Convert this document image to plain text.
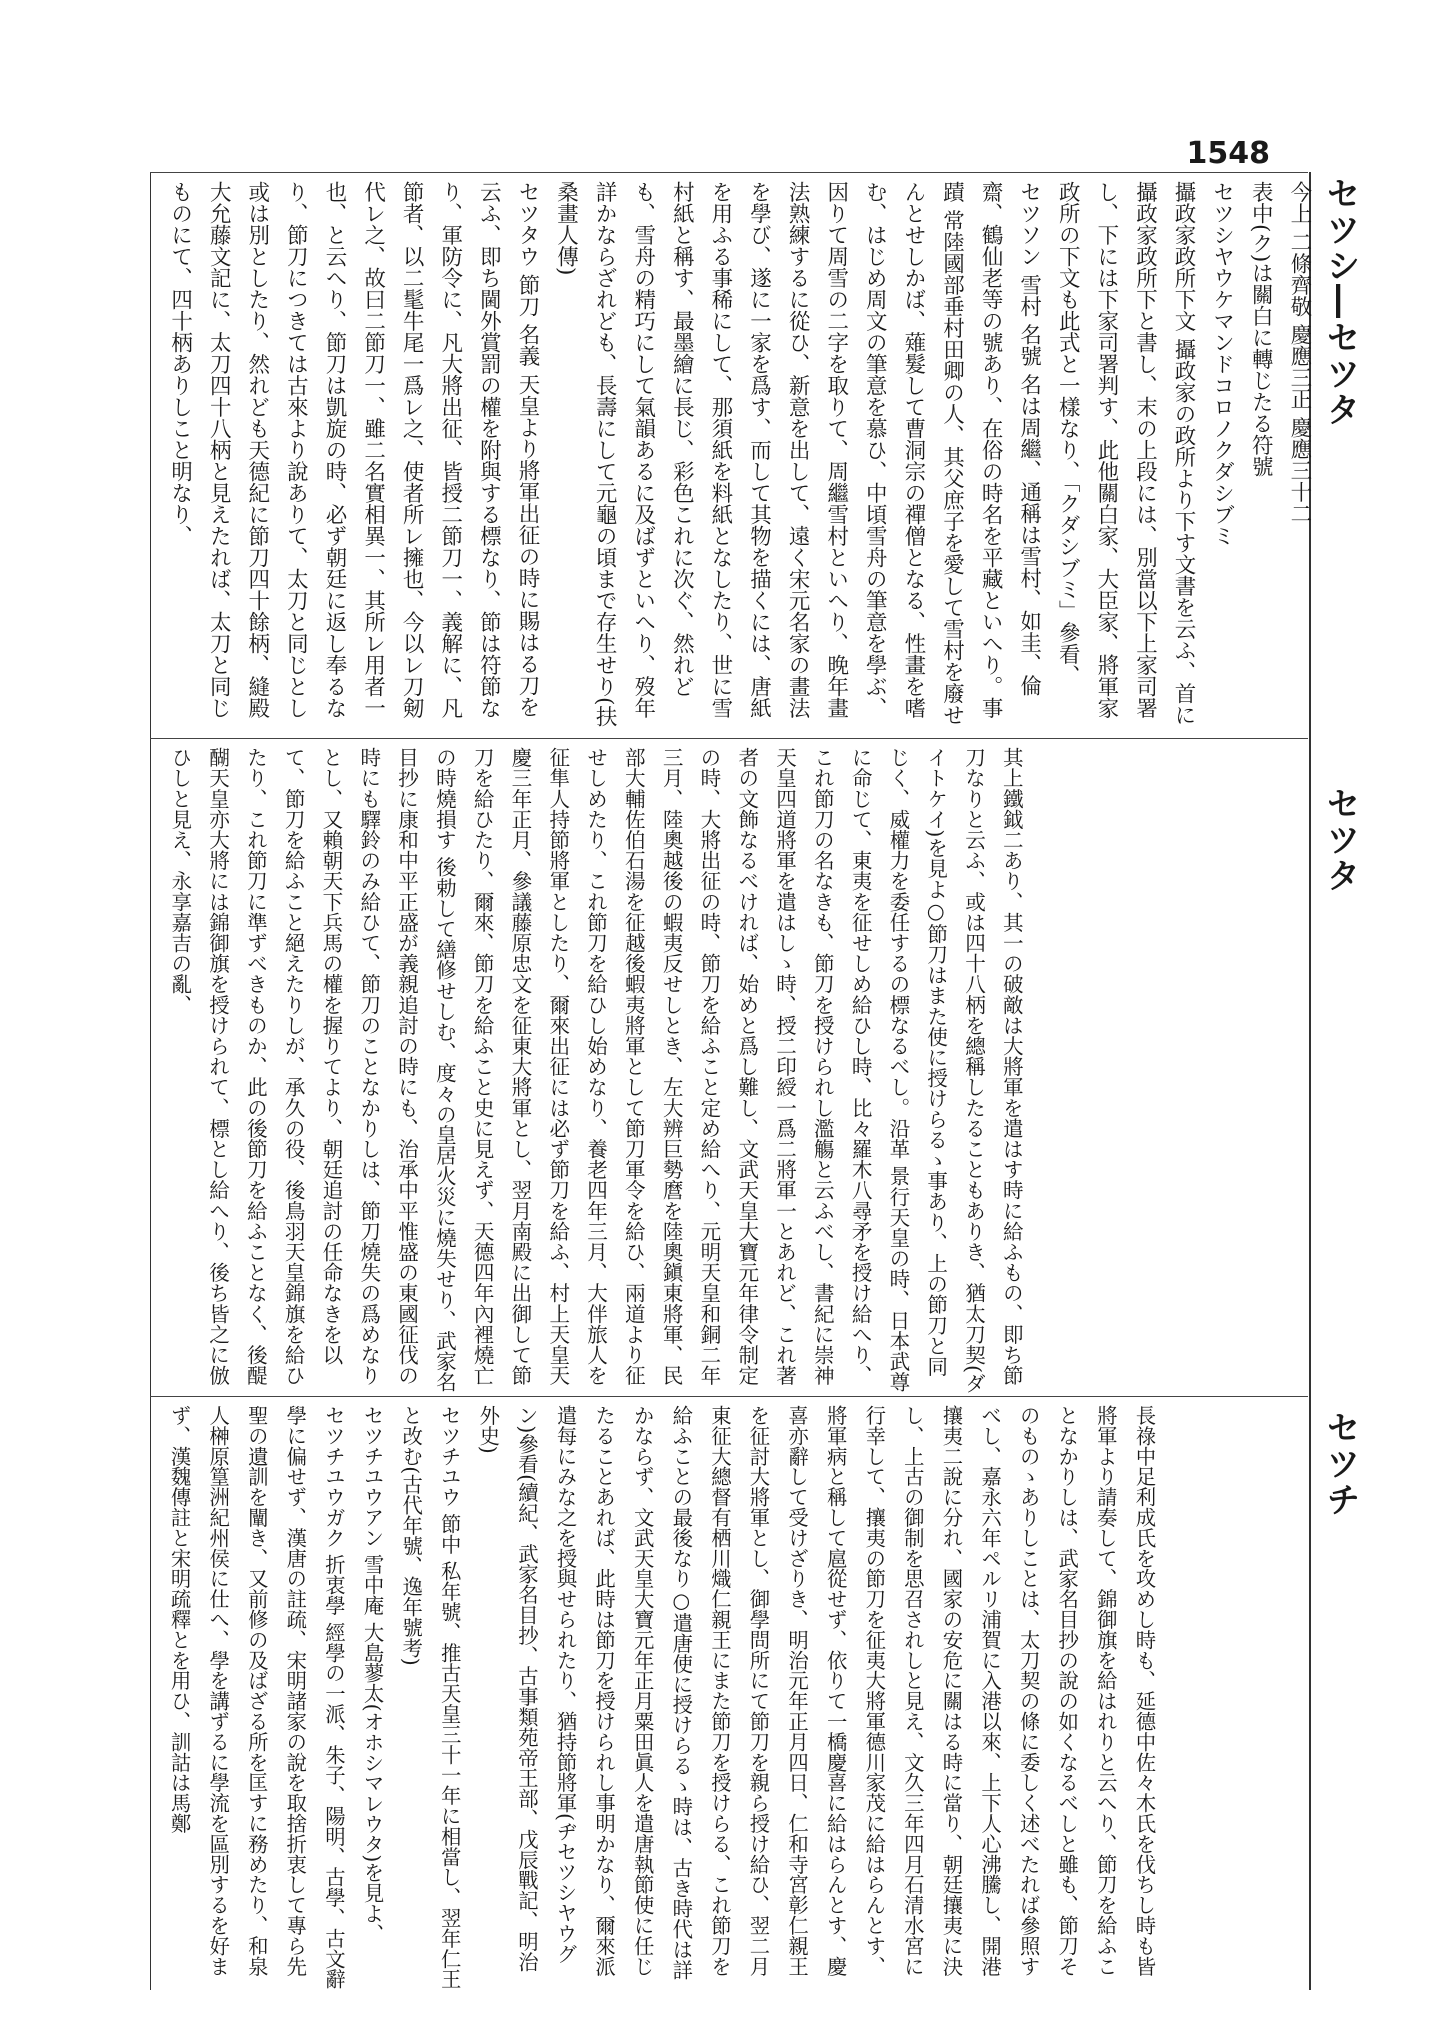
1548
セツシ―セツタ
セツタ
セツチ
今上 二條齊敬 慶應三正 慶應三十二
表中(ク)は關白に轉じたる符號
セツシヤウケマンドコロノクダシブミ
攝政家政所下文 攝政家の政所より下す文書を云ふ、首に攝政家政所下と書し、末の上段には、別當以下上家司署し、下には下家司署判す、此他關白家、大臣家、將軍家政所の下文も此式と一樣なり、「クダシブミ」參看、
セツソン 雪村 名號 名は周繼、通稱は雪村、如圭、倫齋、鶴仙老等の號あり、在俗の時名を平藏といへり。事蹟 常陸國部垂村田卿の人、其父庶子を愛して雪村を廢せんとせしかば、薙髮して曹洞宗の禪僧となる、性畫を嗜む、はじめ周文の筆意を慕ひ、中頃雪舟の筆意を學ぶ、因りて周雪の二字を取りて、周繼雪村といへり、晚年畫法熟練するに從ひ、新意を出して、遠く宋元名家の畫法を學び、遂に一家を爲す、而して其物を描くには、唐紙を用ふる事稀にして、那須紙を料紙となしたり、世に雪村紙と稱す、最墨繪に長じ、彩色これに次ぐ、然れども、雪舟の精巧にして氣韻あるに及ばずといへり、歿年詳かならざれども、長壽にして元龜の頃まで存生せり(扶桑畫人傳)
セツタウ 節刀 名義 天皇より將軍出征の時に賜はる刀を云ふ、即ち閫外賞罰の權を附與する標なり、節は符節なり、軍防令に、凡大將出征、皆授二節刀一、義解に、凡節者、以二髦牛尾一爲レ之、使者所レ擁也、今以レ刀剱代レ之、故曰二節刀一、雖二名實相異一、其所レ用者一也、と云へり、節刀は凱旋の時、必ず朝廷に返し奉るなり、節刀につきては古來より說ありて、太刀と同じとし或は別としたり、然れども天德紀に節刀四十餘柄、縫殿大允藤文記に、太刀四十八柄と見えたれば、太刀と同じものにて、四十柄ありしこと明なり、
其上鐵鉞二あり、其一の破敵は大將軍を遣はす時に給ふもの、即ち節刀なりと云ふ、或は四十八柄を總稱したることもありき、猶太刀契(ダイトケイ)を見よ○節刀はまた使に授けらるゝ事あり、上の節刀と同じく、威權力を委任するの標なるべし。沿革 景行天皇の時、日本武尊に命じて、東夷を征せしめ給ひし時、比々羅木八尋矛を授け給へり、これ節刀の名なきも、節刀を授けられし濫觴と云ふべし、書紀に崇神天皇四道將軍を遣はしゝ時、授二印綬一爲二將軍一とあれど、これ著者の文飾なるべければ、始めと爲し難し、文武天皇大寶元年律令制定の時、大將出征の時、節刀を給ふこと定め給へり、元明天皇和銅二年三月、陸奧越後の蝦夷反せしとき、左大辨巨勢麿を陸奧鎭東將軍、民部大輔佐伯石湯を征越後蝦夷將軍として節刀軍令を給ひ、兩道より征せしめたり、これ節刀を給ひし始めなり、養老四年三月、大伴旅人を征隼人持節將軍としたり、爾來出征には必ず節刀を給ふ、村上天皇天慶三年正月、參議藤原忠文を征東大將軍とし、翌月南殿に出御して節刀を給ひたり、爾來、節刀を給ふこと史に見えず、天德四年內裡燒亡の時燒損す 後勅して繕修せしむ、度々の皇居火災に燒失せり、武家名目抄に康和中平正盛が義親追討の時にも、治承中平惟盛の東國征伐の時にも驛鈴のみ給ひて、節刀のことなかりしは、節刀燒失の爲めなりとし、又賴朝天下兵馬の權を握りてより、朝廷追討の任命なきを以て、節刀を給ふこと絕えたりしが、承久の役、後鳥羽天皇錦旗を給ひたり、これ節刀に準ずべきものか、此の後節刀を給ふことなく、後醍醐天皇亦大將には錦御旗を授けられて、標とし給へり、後ち皆之に倣ひしと見え、永享嘉吉の亂、
長祿中足利成氏を攻めし時も、延德中佐々木氏を伐ちし時も皆將軍より請奏して、錦御旗を給はれりと云へり、節刀を給ふことなかりしは、武家名目抄の說の如くなるべしと雖も、節刀そのものゝありしことは、太刀契の條に委しく述べたれば參照すべし、嘉永六年ペルリ浦賀に入港以來、上下人心沸騰し、開港攘夷二說に分れ、國家の安危に關はる時に當り、朝廷攘夷に決し、上古の御制を思召されしと見え、文久三年四月石清水宮に行幸して、攘夷の節刀を征夷大將軍德川家茂に給はらんとす、將軍病と稱して扈從せず、依りて一橋慶喜に給はらんとす、慶喜亦辭して受けざりき、明治元年正月四日、仁和寺宮彰仁親王を征討大將軍とし、御學問所にて節刀を親ら授け給ひ、翌二月東征大總督有栖川熾仁親王にまた節刀を授けらる、これ節刀を給ふことの最後なり○遣唐使に授けらるゝ時は、古き時代は詳かならず、文武天皇大寶元年正月粟田眞人を遣唐執節使に任じたることあれば、此時は節刀を授けられし事明かなり、爾來派遣每にみな之を授與せられたり、猶持節將軍(ヂセツシヤウグン)參看(續紀、武家名目抄、古事類苑帝王部、戊辰戰記、明治外史)
セツチユウ 節中 私年號、推古天皇三十一年に相當し、翌年仁王と改む(古代年號、逸年號考)
セツチユウアン 雪中庵 大島蓼太(オホシマレウタ)を見よ、
セツチユウガク 折衷學 經學の一派、朱子、陽明、古學、古文辭學に偏せず、漢唐の註疏、宋明諸家の說を取捨折衷して專ら先聖の遺訓を闡き、又前修の及ばざる所を匡すに務めたり、和泉人榊原篁洲紀州侯に仕へ、學を講ずるに學流を區別するを好まず、漢魏傳註と宋明疏釋とを用ひ、訓詁は馬鄭
